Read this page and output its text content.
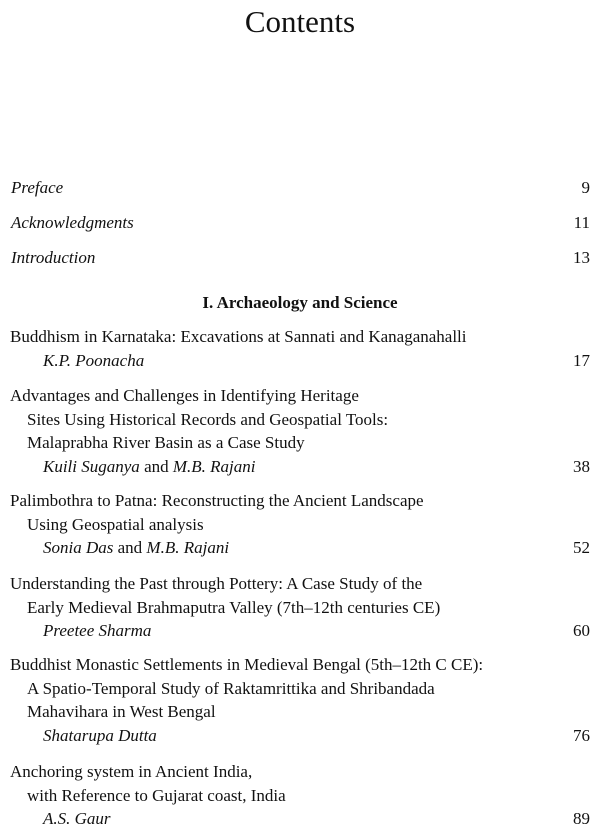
Contents
Preface	9
Acknowledgments	11
Introduction	13
I. Archaeology and Science
Buddhism in Karnataka: Excavations at Sannati and Kanaganahalli
K.P. Poonacha	17
Advantages and Challenges in Identifying Heritage
Sites Using Historical Records and Geospatial Tools:
Malaprabha River Basin as a Case Study
Kuili Suganya and M.B. Rajani	38
Palimbothra to Patna: Reconstructing the Ancient Landscape
Using Geospatial analysis
Sonia Das and M.B. Rajani	52
Understanding the Past through Pottery: A Case Study of the
Early Medieval Brahmaputra Valley (7th–12th centuries CE)
Preetee Sharma	60
Buddhist Monastic Settlements in Medieval Bengal (5th–12th C CE):
A Spatio-Temporal Study of Raktamrittika and Shribandada
Mahavihara in West Bengal
Shatarupa Dutta	76
Anchoring system in Ancient India,
with Reference to Gujarat coast, India
A.S. Gaur	89
